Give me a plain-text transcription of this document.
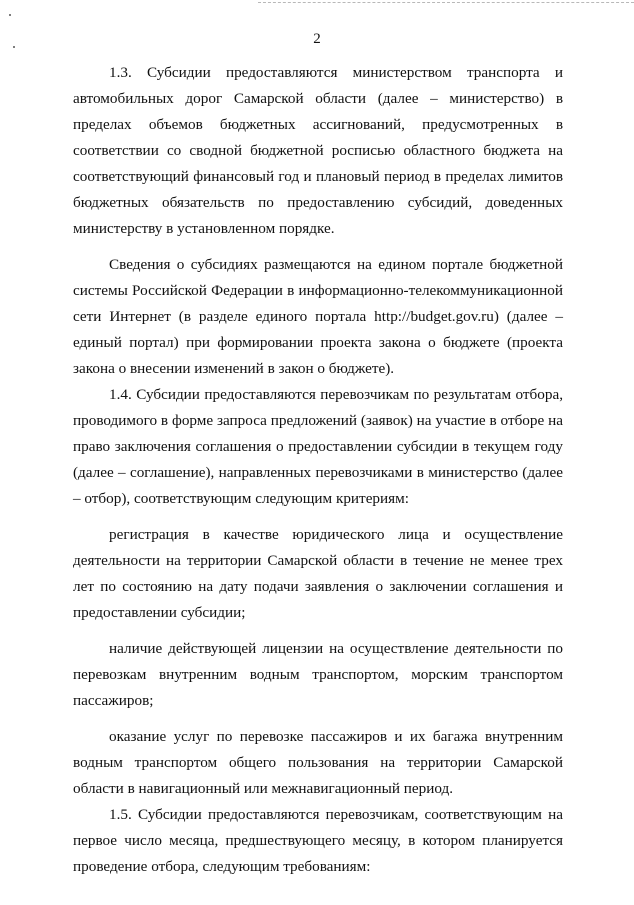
2

1.3. Субсидии предоставляются министерством транспорта и автомобильных дорог Самарской области (далее – министерство) в пределах объемов бюджетных ассигнований, предусмотренных в соответствии со сводной бюджетной росписью областного бюджета на соответствующий финансовый год и плановый период в пределах лимитов бюджетных обязательств по предоставлению субсидий, доведенных министерству в установленном порядке.

Сведения о субсидиях размещаются на едином портале бюджетной системы Российской Федерации в информационно-телекоммуникационной сети Интернет (в разделе единого портала http://budget.gov.ru) (далее – единый портал) при формировании проекта закона о бюджете (проекта закона о внесении изменений в закон о бюджете).

1.4. Субсидии предоставляются перевозчикам по результатам отбора, проводимого в форме запроса предложений (заявок) на участие в отборе на право заключения соглашения о предоставлении субсидии в текущем году (далее – соглашение), направленных перевозчиками в министерство (далее – отбор), соответствующим следующим критериям:

регистрация в качестве юридического лица и осуществление деятельности на территории Самарской области в течение не менее трех лет по состоянию на дату подачи заявления о заключении соглашения и предоставлении субсидии;

наличие действующей лицензии на осуществление деятельности по перевозкам внутренним водным транспортом, морским транспортом пассажиров;

оказание услуг по перевозке пассажиров и их багажа внутренним водным транспортом общего пользования на территории Самарской области в навигационный или межнавигационный период.

1.5. Субсидии предоставляются перевозчикам, соответствующим на первое число месяца, предшествующего месяцу, в котором планируется проведение отбора, следующим требованиям:
